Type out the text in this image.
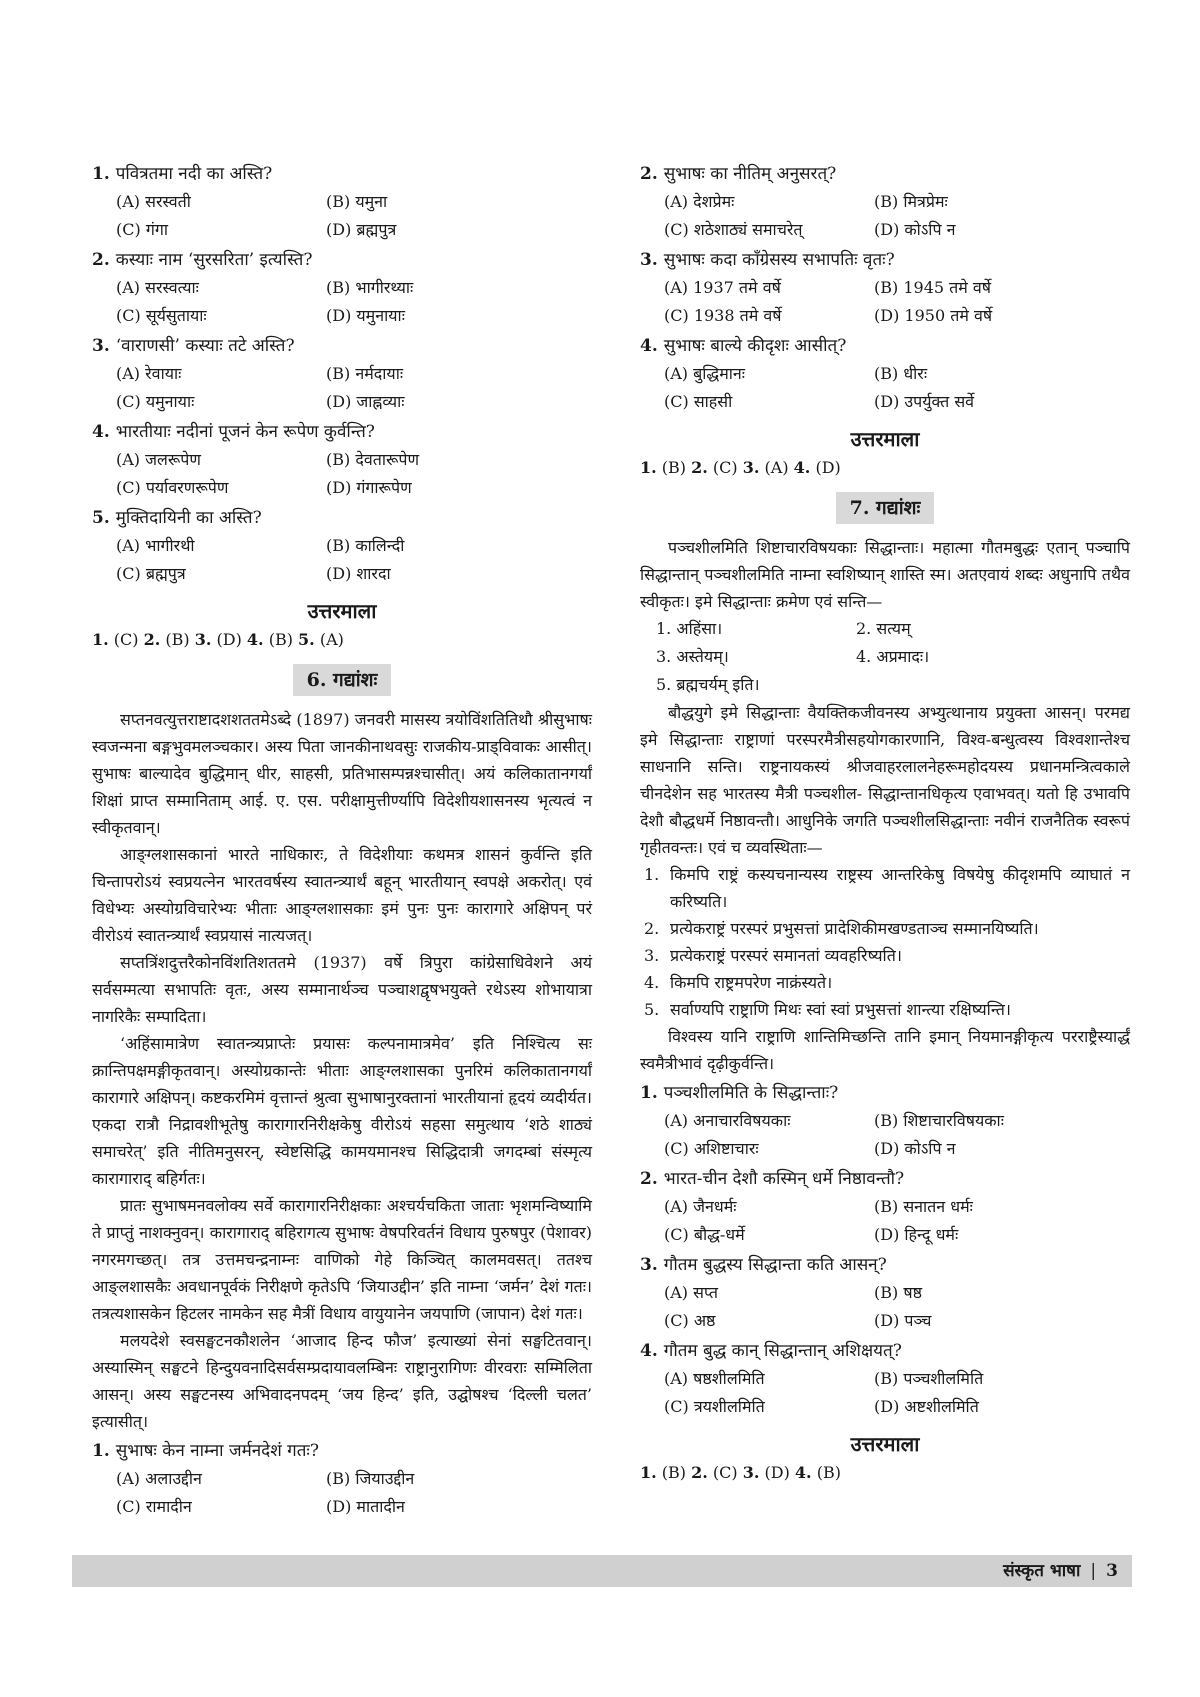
1. पवित्रतमा नदी का अस्ति?
(A) सरस्वती	(B) यमुना
(C) गंगा	(D) ब्रह्मपुत्र
2. कस्याः नाम ‘सुरसरिता’ इत्यस्ति?
(A) सरस्वत्याः	(B) भागीरथ्याः
(C) सूर्यसुतायाः	(D) यमुनायाः
3. ‘वाराणसी’ कस्याः तटे अस्ति?
(A) रेवायाः	(B) नर्मदायाः
(C) यमुनायाः	(D) जाह्नव्याः
4. भारतीयाः नदीनां पूजनं केन रूपेण कुर्वन्ति?
(A) जलरूपेण	(B) देवतारूपेण
(C) पर्यावरणरूपेण	(D) गंगारूपेण
5. मुक्तिदायिनी का अस्ति?
(A) भागीरथी	(B) कालिन्दी
(C) ब्रह्मपुत्र	(D) शारदा
उत्तरमाला
1. (C) 2. (B) 3. (D) 4. (B) 5. (A)
6. गद्यांशः

सप्तनवत्युत्तराष्टादशशततमेऽब्दे (1897) जनवरी मासस्य त्रयोविंशतितिथौ श्रीसुभाषः स्वजन्मना बङ्गभुवमलञ्चकार। अस्य पिता जानकीनाथवसुः राजकीय-प्राड्विवाकः आसीत्। सुभाषः बाल्यादेव बुद्धिमान् धीर, साहसी, प्रतिभासम्पन्नश्चासीत्। अयं कलिकातानगर्यां शिक्षां प्राप्त सम्मानिताम् आई. ए. एस. परीक्षामुत्तीर्ण्यापि विदेशीयशासनस्य भृत्यत्वं न स्वीकृतवान्।

आङ्ग्लशासकानां भारते नाधिकारः, ते विदेशीयाः कथमत्र शासनं कुर्वन्ति इति चिन्तापरोऽयं स्वप्रयत्नेन भारतवर्षस्य स्वातन्त्र्यार्थं बहून् भारतीयान् स्वपक्षे अकरोत्। एवं विधेभ्यः अस्योग्रविचारेभ्यः भीताः आङ्ग्लशासकाः इमं पुनः पुनः कारागारे अक्षिपन् परं वीरोऽयं स्वातन्त्र्यार्थं स्वप्रयासं नात्यजत्।

सप्तत्रिंशदुत्तरैकोनविंशतिशततमे (1937) वर्षे त्रिपुरा कांग्रेसाधिवेशने अयं सर्वसम्मत्या सभापतिः वृतः, अस्य सम्मानार्थञ्च पञ्चाशद्वृषभयुक्ते रथेऽस्य शोभायात्रा नागरिकैः सम्पादिता।

‘अहिंसामात्रेण स्वातन्त्र्यप्राप्तेः प्रयासः कल्पनामात्रमेव’ इति निश्चित्य सः क्रान्तिपक्षमङ्गीकृतवान्। अस्योग्रकान्तेः भीताः आङ्ग्लशासका पुनरिमं कलिकातानगर्यां कारागारे अक्षिपन्। कष्टकरमिमं वृत्तान्तं श्रुत्वा सुभाषानुरक्तानां भारतीयानां हृदयं व्यदीर्यत। एकदा रात्रौ निद्रावशीभूतेषु कारागारनिरीक्षकेषु वीरोऽयं सहसा समुत्थाय ‘शठे शाठ्यं समाचरेत्’ इति नीतिमनुसरन्, स्वेष्टसिद्धि कामयमानश्च सिद्धिदात्री जगदम्बां संस्मृत्य कारागाराद् बहिर्गतः।

प्रातः सुभाषमनवलोक्य सर्वे कारागारनिरीक्षकाः अश्चर्यचकिता जाताः भृशमन्विष्यामि ते प्राप्तुं नाशक्नुवन्। कारागाराद् बहिरागत्य सुभाषः वेषपरिवर्तनं विधाय पुरुषपुर (पेशावर) नगरमगच्छत्। तत्र उत्तमचन्द्रनाम्नः वाणिको गेहे किञ्चित् कालमवसत्। ततश्च आङ्लशासकैः अवधानपूर्वकं निरीक्षणे कृतेऽपि ‘जियाउद्दीन’ इति नाम्ना ‘जर्मन’ देशं गतः। तत्रत्यशासकेन हिटलर नामकेन सह मैत्रीं विधाय वायुयानेन जयपाणि (जापान) देशं गतः।

मलयदेशे स्वसङ्घटनकौशलेन ‘आजाद हिन्द फौज’ इत्याख्यां सेनां सङ्घटितवान्। अस्यास्मिन् सङ्घटने हिन्दुयवनादिसर्वसम्प्रदायावलम्बिनः राष्ट्रानुरागिणः वीरवराः सम्मिलिता आसन्। अस्य सङ्घटनस्य अभिवादनपदम् ‘जय हिन्द’ इति, उद्घोषश्च ‘दिल्ली चलत’ इत्यासीत्।

1. सुभाषः केन नाम्ना जर्मनदेशं गतः?
(A) अलाउद्दीन	(B) जियाउद्दीन
(C) रामादीन	(D) मातादीन
2. सुभाषः का नीतिम् अनुसरत्?
(A) देशप्रेमः	(B) मित्रप्रेमः
(C) शठेशाठ्यं समाचरेत्	(D) कोऽपि न
3. सुभाषः कदा काँग्रेसस्य सभापतिः वृतः?
(A) 1937 तमे वर्षे	(B) 1945 तमे वर्षे
(C) 1938 तमे वर्षे	(D) 1950 तमे वर्षे
4. सुभाषः बाल्ये कीदृशः आसीत्?
(A) बुद्धिमानः	(B) धीरः
(C) साहसी	(D) उपर्युक्त सर्वे
उत्तरमाला
1. (B) 2. (C) 3. (A) 4. (D)
7. गद्यांशः

पञ्चशीलमिति शिष्टाचारविषयकाः सिद्धान्ताः। महात्मा गौतमबुद्धः एतान् पञ्चापि सिद्धान्तान् पञ्चशीलमिति नाम्ना स्वशिष्यान् शास्ति स्म। अतएवायं शब्दः अधुनापि तथैव स्वीकृतः। इमे सिद्धान्ताः क्रमेण एवं सन्ति—

1. अहिंसा।	2. सत्यम्
3. अस्तेयम्।	4. अप्रमादः।
5. ब्रह्मचर्यम् इति।

बौद्धयुगे इमे सिद्धान्ताः वैयक्तिकजीवनस्य अभ्युत्थानाय प्रयुक्ता आसन्। परमद्य इमे सिद्धान्ताः राष्ट्राणां परस्परमैत्रीसहयोगकारणानि, विश्व-बन्धुत्वस्य विश्वशान्तेश्च साधनानि सन्ति। राष्ट्रनायकस्यं श्रीजवाहरलालनेहरूमहोदयस्य प्रधानमन्त्रित्वकाले चीनदेशेन सह भारतस्य मैत्री पञ्चशील- सिद्धान्तानधिकृत्य एवाभवत्। यतो हि उभावपि देशौ बौद्धधर्मे निष्ठावन्तौ। आधुनिके जगति पञ्चशीलसिद्धान्ताः नवीनं राजनैतिक स्वरूपं गृहीतवन्तः। एवं च व्यवस्थिताः—

1. किमपि राष्ट्रं कस्यचनान्यस्य राष्ट्रस्य आन्तरिकेषु विषयेषु कीदृशमपि व्याघातं न करिष्यति।
2. प्रत्येकराष्ट्रं परस्परं प्रभुसत्तां प्रादेशिकीमखण्डताञ्च सम्मानयिष्यति।
3. प्रत्येकराष्ट्रं परस्परं समानतां व्यवहरिष्यति।
4. किमपि राष्ट्रमपरेण नाक्रंस्यते।
5. सर्वाण्यपि राष्ट्राणि मिथः स्वां स्वां प्रभुसत्तां शान्त्या रक्षिष्यन्ति।

विश्वस्य यानि राष्ट्राणि शान्तिमिच्छन्ति तानि इमान् नियमानङ्गीकृत्य परराष्ट्रैस्यार्द्धं स्वमैत्रीभावं दृढ़ीकुर्वन्ति।

1. पञ्चशीलमिति के सिद्धान्ताः?
(A) अनाचारविषयकाः	(B) शिष्टाचारविषयकाः
(C) अशिष्टाचारः	(D) कोऽपि न
2. भारत-चीन देशौ कस्मिन् धर्मे निष्ठावन्तौ?
(A) जैनधर्मः	(B) सनातन धर्मः
(C) बौद्ध-धर्मे	(D) हिन्दू धर्मः
3. गौतम बुद्धस्य सिद्धान्ता कति आसन्?
(A) सप्त	(B) षष्ठ
(C) अष्ठ	(D) पञ्च
4. गौतम बुद्ध कान् सिद्धान्तान् अशिक्षयत्?
(A) षष्ठशीलमिति	(B) पञ्चशीलमिति
(C) त्रयशीलमिति	(D) अष्टशीलमिति
उत्तरमाला
1. (B) 2. (C) 3. (D) 4. (B)
संस्कृत भाषा | 3
